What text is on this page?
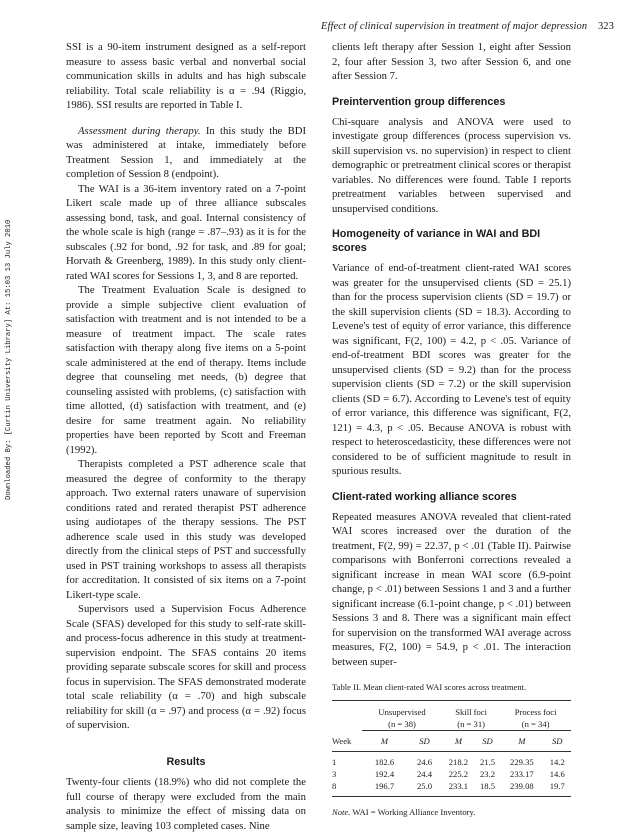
Effect of clinical supervision in treatment of major depression 323
Downloaded By: [Curtin University Library] At: 15:03 13 July 2010

SSI is a 90-item instrument designed as a self-report measure to assess basic verbal and nonverbal social communication skills in adults and has high subscale reliability. Total scale reliability is α = .94 (Riggio, 1986). SSI results are reported in Table I.

Assessment during therapy. In this study the BDI was administered at intake, immediately before Treatment Session 1, and immediately at the completion of Session 8 (endpoint).

The WAI is a 36-item inventory rated on a 7-point Likert scale made up of three alliance subscales assessing bond, task, and goal. Internal consistency of the whole scale is high (range = .87–.93) as it is for the subscales (.92 for bond, .92 for task, and .89 for goal; Horvath & Greenberg, 1989). In this study only client-rated WAI scores for Sessions 1, 3, and 8 are reported.

The Treatment Evaluation Scale is designed to provide a simple subjective client evaluation of satisfaction with treatment and is not intended to be a measure of treatment impact. The scale rates satisfaction with therapy along five items on a 5-point scale administered at the end of therapy. Items include degree that counseling met needs, (b) degree that counseling assisted with problems, (c) satisfaction with time allotted, (d) satisfaction with treatment, and (e) desire for same treatment again. No reliability properties have been reported by Scott and Freeman (1992).

Therapists completed a PST adherence scale that measured the degree of conformity to the therapy approach. Two external raters unaware of supervision conditions rated and rerated therapist PST adherence using audiotapes of the therapy sessions. The PST adherence scale used in this study was developed directly from the clinical steps of PST and successfully used in PST training workshops to assess all therapists for accreditation. It consisted of six items on a 7-point Likert-type scale.

Supervisors used a Supervision Focus Adherence Scale (SFAS) developed for this study to self-rate skill- and process-focus adherence in this study at treatment-supervision endpoint. The SFAS contains 20 items providing separate subscale scores for skill and process focus in supervision. The SFAS demonstrated moderate total scale reliability (α = .70) and high subscale reliability for skill (α = .97) and process (α = .92) focus of supervision.

Results

Twenty-four clients (18.9%) who did not complete the full course of therapy were excluded from the main analysis to minimize the effect of missing data on sample size, leaving 103 completed cases. Nine

clients left therapy after Session 1, eight after Session 2, four after Session 3, two after Session 6, and one after Session 7.

Preintervention group differences

Chi-square analysis and ANOVA were used to investigate group differences (process supervision vs. skill supervision vs. no supervision) in respect to client demographic or pretreatment clinical scores or therapist variables. No differences were found. Table I reports pretreatment variables between supervised and unsupervised conditions.

Homogeneity of variance in WAI and BDI scores

Variance of end-of-treatment client-rated WAI scores was greater for the unsupervised clients (SD = 25.1) than for the process supervision clients (SD = 19.7) or the skill supervision clients (SD = 18.3). According to Levene's test of equity of error variance, this difference was significant, F(2, 100) = 4.2, p < .05. Variance of end-of-treatment BDI scores was greater for the unsupervised clients (SD = 9.2) than for the process supervision clients (SD = 7.2) or the skill supervision clients (SD = 6.7). According to Levene's test of equity of error variance, this difference was significant, F(2, 121) = 4.3, p < .05. Because ANOVA is robust with respect to heteroscedasticity, these differences were not considered to be of sufficient magnitude to result in spurious results.

Client-rated working alliance scores

Repeated measures ANOVA revealed that client-rated WAI scores increased over the duration of the treatment, F(2, 99) = 22.37, p < .01 (Table II). Pairwise comparisons with Bonferroni corrections revealed a significant increase in mean WAI score (6.9-point change, p < .01) between Sessions 1 and 3 and a further significant increase (6.1-point change, p < .01) between Sessions 3 and 8. There was a significant main effect for supervision on the transformed WAI average across measures, F(2, 100) = 54.9, p < .01. The interaction between super-

Table II. Mean client-rated WAI scores across treatment.

	Unsupervised		Skill foci		Process foci	
	(n = 38)		(n = 31)		(n = 34)	

Week	M	SD	M	SD	M	SD

1	182.6	24.6	218.2	21.5	229.35	14.2
3	192.4	24.4	225.2	23.2	233.17	14.6
8	196.7	25.0	233.1	18.5	239.08	19.7

Note. WAI = Working Alliance Inventory.
